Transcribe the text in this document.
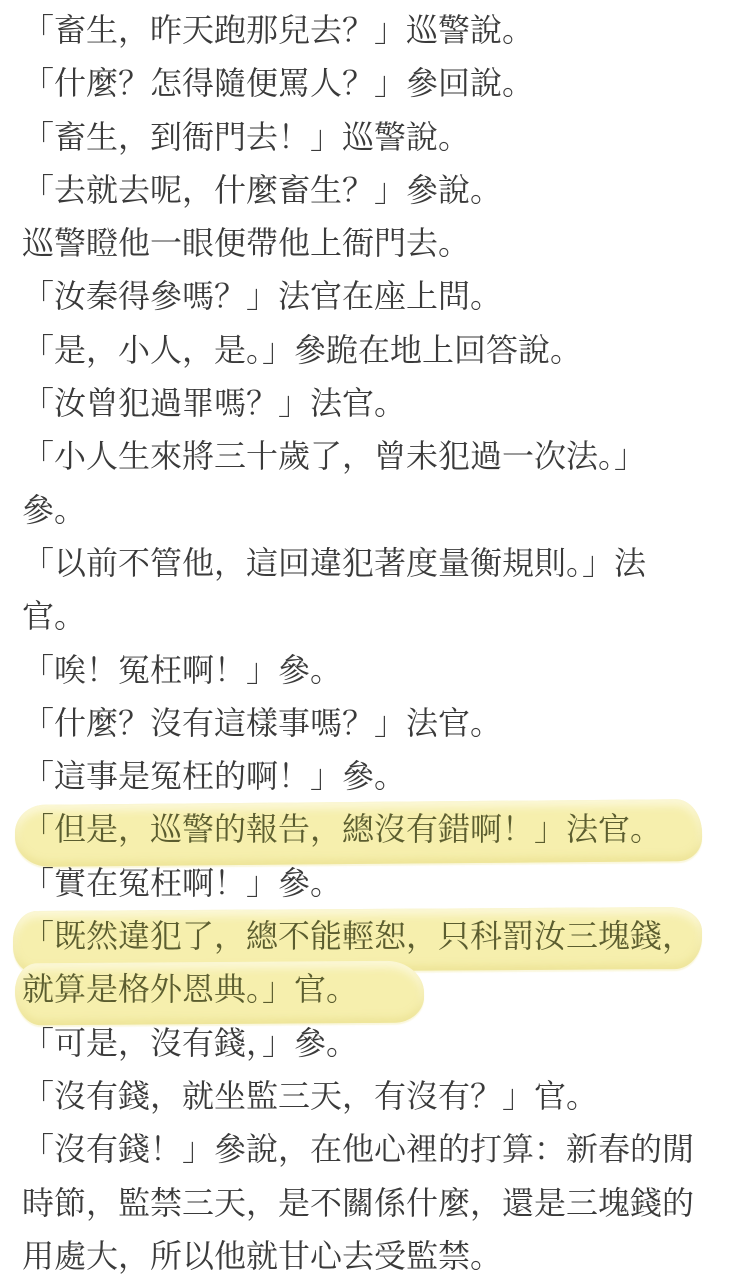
「畜生，昨天跑那兒去？」巡警說。
「什麼？怎得隨便罵人？」參回說。
「畜生，到衙門去！」巡警說。
「去就去呢，什麼畜生？」參說。
巡警瞪他一眼便帶他上衙門去。
「汝秦得參嗎？」法官在座上問。
「是，小人，是。」參跪在地上回答說。
「汝曾犯過罪嗎？」法官。
「小人生來將三十歲了，曾未犯過一次法。」
參。
「以前不管他，這回違犯著度量衡規則。」法
官。
「唉！冤枉啊！」參。
「什麼？沒有這樣事嗎？」法官。
「這事是冤枉的啊！」參。
「但是，巡警的報告，總沒有錯啊！」法官。
「實在冤枉啊！」參。
「既然違犯了，總不能輕恕，只科罰汝三塊錢，
就算是格外恩典。」官。
「可是，沒有錢，」參。
「沒有錢，就坐監三天，有沒有？」官。
「沒有錢！」參說，在他心裡的打算：新春的閒
時節，監禁三天，是不關係什麼，還是三塊錢的
用處大，所以他就甘心去受監禁。
